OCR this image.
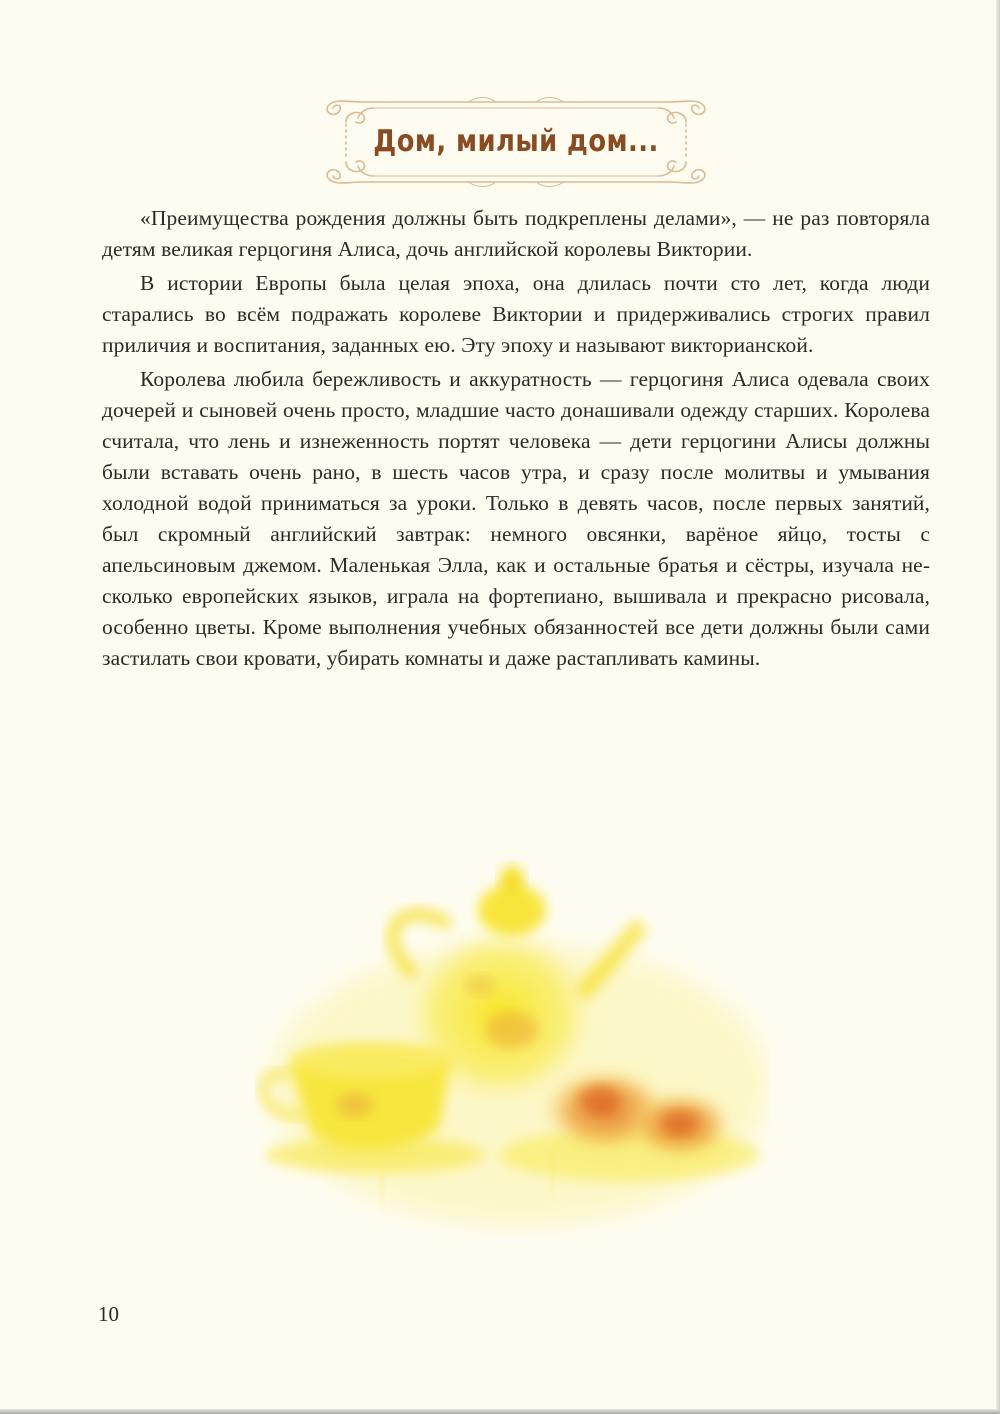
Дом, милый дом...

«Преимущества рождения должны быть подкреплены делами», — не раз повторяла детям великая герцогиня Алиса, дочь английской королевы Виктории.

В истории Европы была целая эпоха, она длилась почти сто лет, когда люди старались во всём подражать королеве Виктории и придерживались строгих правил приличия и воспитания, заданных ею. Эту эпоху и называют викторианской.

Королева любила бережливость и аккуратность — герцогиня Алиса одевала своих дочерей и сыновей очень просто, младшие часто донашивали одежду старших. Королева считала, что лень и изнеженность портят человека — дети герцогини Алисы должны были вставать очень рано, в шесть часов утра, и сразу после молитвы и умывания холодной водой приниматься за уроки. Только в девять часов, после первых занятий, был скромный английский завтрак: немного овсянки, варёное яйцо, тосты с апельсиновым джемом. Маленькая Элла, как и остальные братья и сёстры, изучала несколько европейских языков, играла на фортепиано, вышивала и прекрасно рисовала, особенно цветы. Кроме выполнения учебных обязанностей все дети должны были сами застилать свои кровати, убирать комнаты и даже растапливать камины.

10
